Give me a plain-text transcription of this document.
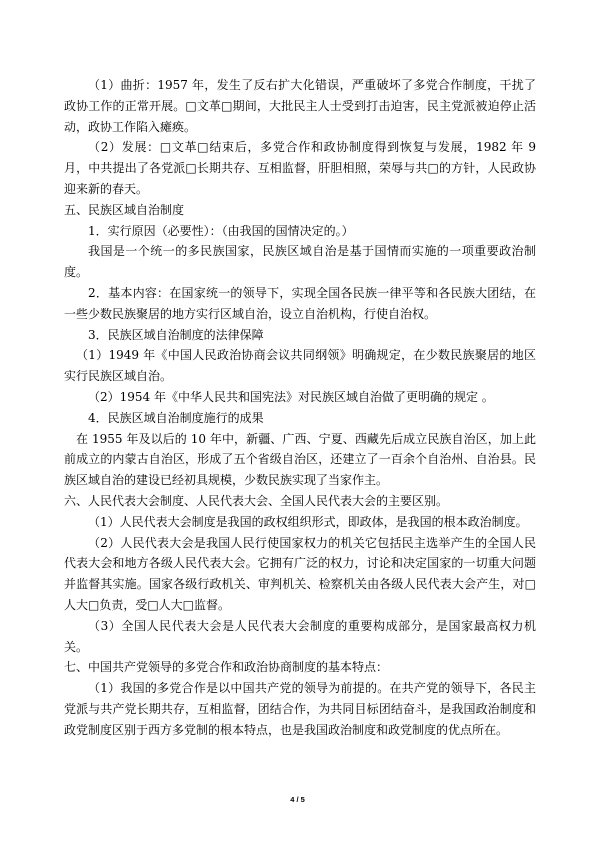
（1）曲折：1957 年，发生了反右扩大化错误，严重破坏了多党合作制度，干扰了政协工作的正常开展。□文革□期间，大批民主人士受到打击迫害，民主党派被迫停止活动，政协工作陷入瘫痪。

（2）发展：□文革□结束后，多党合作和政协制度得到恢复与发展，1982 年 9 月，中共提出了各党派□长期共存、互相监督，肝胆相照，荣辱与共□的方针，人民政协迎来新的春天。

五、民族区域自治制度

1．实行原因（必要性）：（由我国的国情决定的。）

我国是一个统一的多民族国家，民族区域自治是基于国情而实施的一项重要政治制度。

2．基本内容：在国家统一的领导下，实现全国各民族一律平等和各民族大团结，在一些少数民族聚居的地方实行区域自治，设立自治机构，行使自治权。

3．民族区域自治制度的法律保障

（1）1949 年《中国人民政治协商会议共同纲领》明确规定，在少数民族聚居的地区实行民族区域自治。

（2）1954 年《中华人民共和国宪法》对民族区域自治做了更明确的规定 。

4．民族区域自治制度施行的成果

在 1955 年及以后的 10 年中，新疆、广西、宁夏、西藏先后成立民族自治区，加上此前成立的内蒙古自治区，形成了五个省级自治区，还建立了一百余个自治州、自治县。民族区域自治的建设已经初具规模，少数民族实现了当家作主。

六、人民代表大会制度、人民代表大会、全国人民代表大会的主要区别。

（1）人民代表大会制度是我国的政权组织形式，即政体，是我国的根本政治制度。

（2）人民代表大会是我国人民行使国家权力的机关它包括民主选举产生的全国人民代表大会和地方各级人民代表大会。它拥有广泛的权力，讨论和决定国家的一切重大问题并监督其实施。国家各级行政机关、审判机关、检察机关由各级人民代表大会产生，对□人大□负责，受□人大□监督。

（3）全国人民代表大会是人民代表大会制度的重要构成部分，是国家最高权力机关。

七、中国共产党领导的多党合作和政治协商制度的基本特点：

（1）我国的多党合作是以中国共产党的领导为前提的。在共产党的领导下，各民主党派与共产党长期共存，互相监督，团结合作，为共同目标团结奋斗，是我国政治制度和政党制度区别于西方多党制的根本特点，也是我国政治制度和政党制度的优点所在。

4 / 5
